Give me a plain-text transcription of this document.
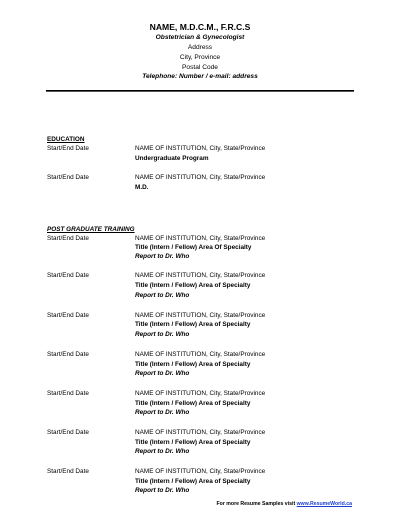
NAME, M.D.C.M., F.R.C.S
Obstetrician & Gynecologist
Address
City, Province
Postal Code
Telephone: Number / e-mail: address
EDUCATION
Start/End Date	NAME OF INSTITUTION, City, State/Province
Undergraduate Program
Start/End Date	NAME OF INSTITUTION, City, State/Province
M.D.
POST GRADUATE TRAINING
Start/End Date	NAME OF INSTITUTION, City, State/Province
Title (Intern / Fellow) Area Of Specialty
Report to Dr. Who
Start/End Date	NAME OF INSTITUTION, City, State/Province
Title (Intern / Fellow) Area of Specialty
Report to Dr. Who
Start/End Date	NAME OF INSTITUTION, City, State/Province
Title (Intern / Fellow) Area of Specialty
Report to Dr. Who
Start/End Date	NAME OF INSTITUTION, City, State/Province
Title (Intern / Fellow) Area of Specialty
Report to Dr. Who
Start/End Date	NAME OF INSTITUTION, City, State/Province
Title (Intern / Fellow) Area of Specialty
Report to Dr. Who
Start/End Date	NAME OF INSTITUTION, City, State/Province
Title (Intern / Fellow) Area of Specialty
Report to Dr. Who
Start/End Date	NAME OF INSTITUTION, City, State/Province
Title (Intern / Fellow) Area of Specialty
Report to Dr. Who
For more Resume Samples visit www.ResumeWorld.ca
